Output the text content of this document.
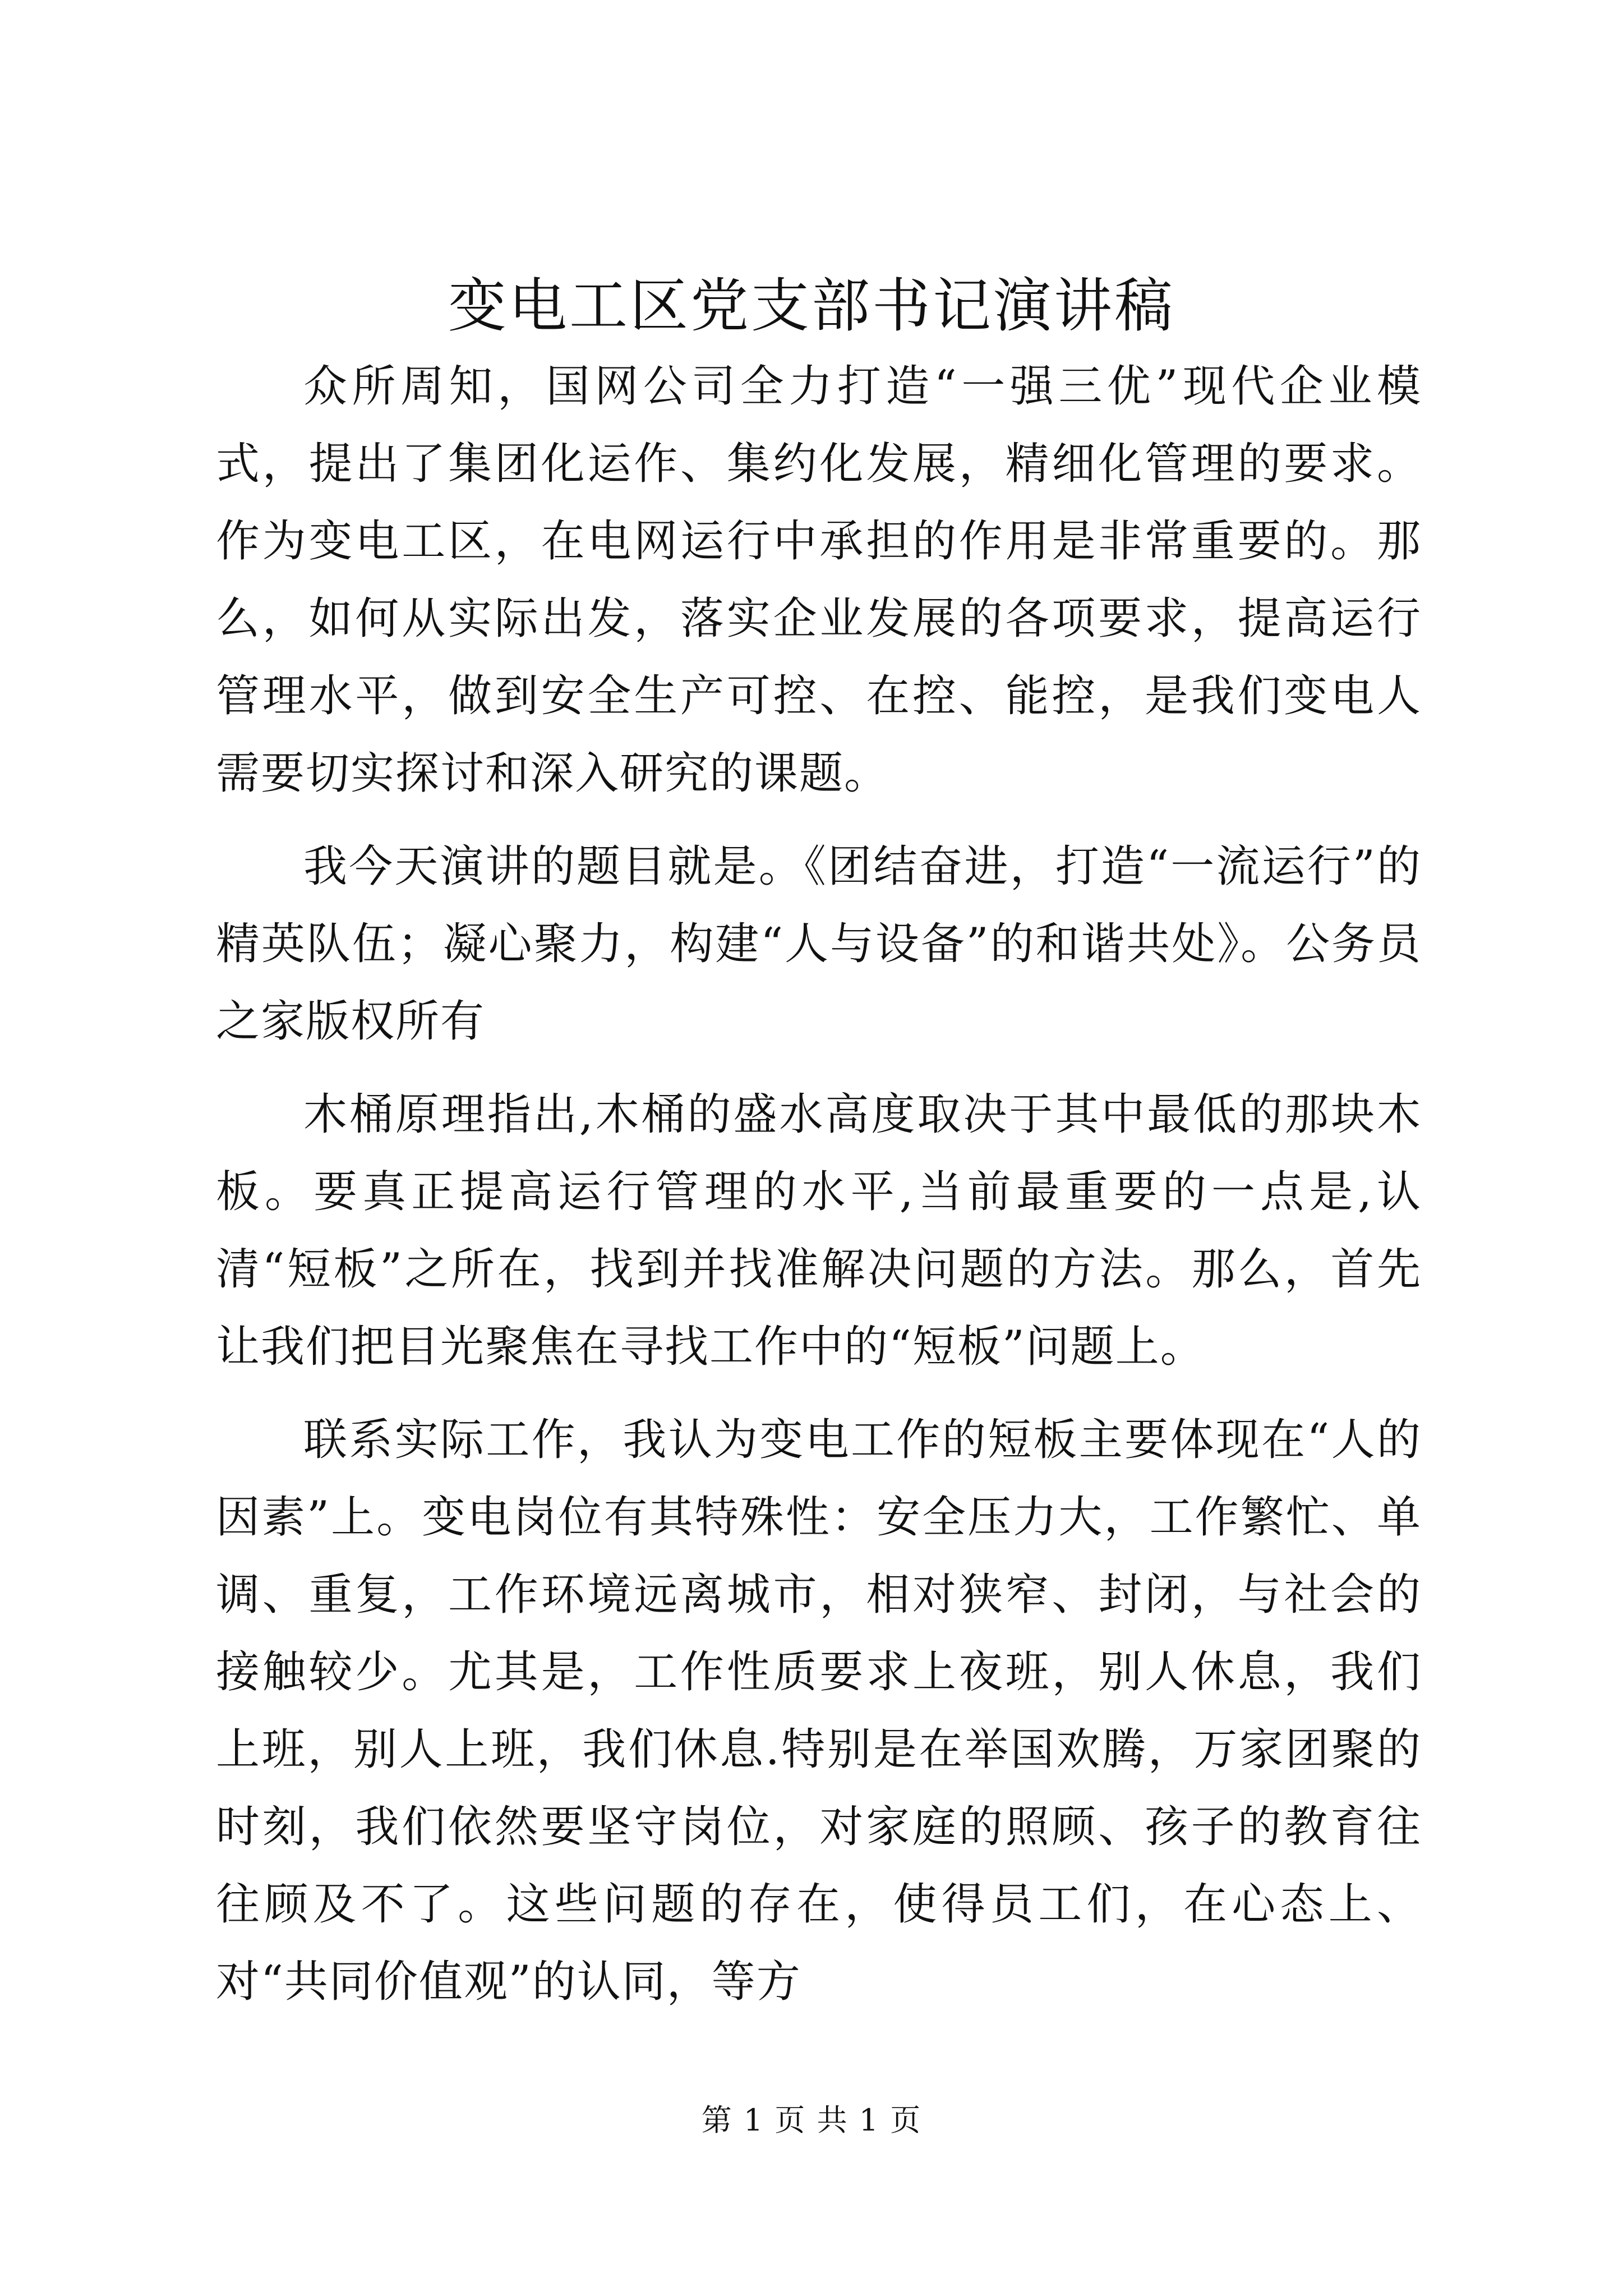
变电工区党支部书记演讲稿

众所周知，国网公司全力打造“一强三优”现代企业模式，提出了集团化运作、集约化发展，精细化管理的要求。作为变电工区，在电网运行中承担的作用是非常重要的。那么，如何从实际出发，落实企业发展的各项要求，提高运行管理水平，做到安全生产可控、在控、能控，是我们变电人需要切实探讨和深入研究的课题。

我今天演讲的题目就是。《团结奋进，打造“一流运行”的精英队伍；凝心聚力，构建“人与设备”的和谐共处》。公务员之家版权所有

木桶原理指出,木桶的盛水高度取决于其中最低的那块木板。要真正提高运行管理的水平,当前最重要的一点是,认清“短板”之所在，找到并找准解决问题的方法。那么，首先让我们把目光聚焦在寻找工作中的“短板”问题上。

联系实际工作，我认为变电工作的短板主要体现在“人的因素”上。变电岗位有其特殊性：安全压力大，工作繁忙、单调、重复，工作环境远离城市，相对狭窄、封闭，与社会的接触较少。尤其是，工作性质要求上夜班，别人休息，我们上班，别人上班，我们休息.特别是在举国欢腾，万家团聚的时刻，我们依然要坚守岗位，对家庭的照顾、孩子的教育往往顾及不了。这些问题的存在，使得员工们，在心态上、对“共同价值观”的认同，等方

第 1 页 共 1 页
